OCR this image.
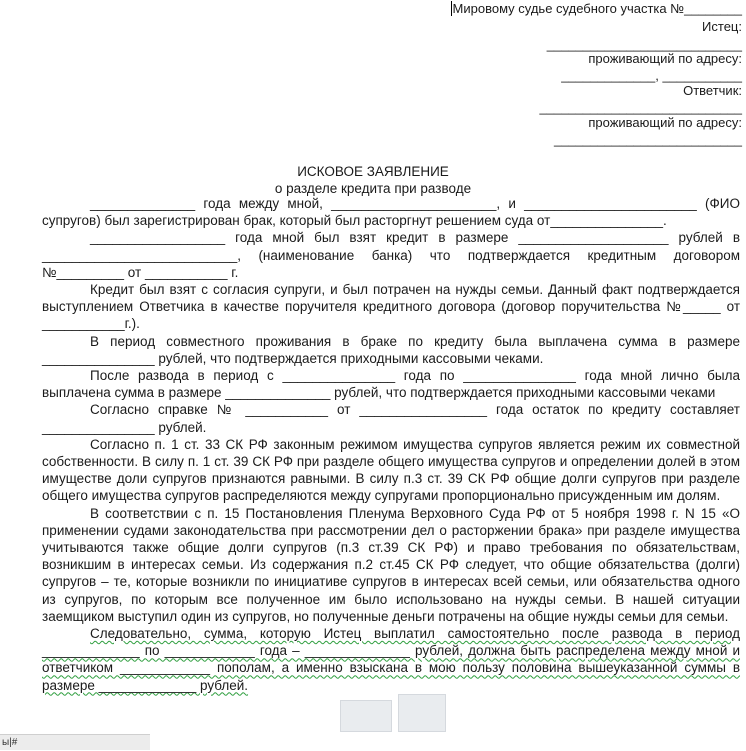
Мировому судье судебного участка №________
Истец:
___________________________
проживающий по адресу:
_____________, ___________
Ответчик:
____________________________
проживающий по адресу:
__________________________
ИСКОВОЕ ЗАЯВЛЕНИЕ
о разделе кредита при разводе

______________ года между мной, ______________________, и _______________________ (ФИО супругов) был зарегистрирован брак, который был расторгнут решением суда от_______________.

__________________ года мной был взят кредит в размере ____________________ рублей в __________________________, (наименование банка) что подтверждается кредитным договором №_________ от ___________ г.

Кредит был взят с согласия супруги, и был потрачен на нужды семьи. Данный факт подтверждается выступлением Ответчика в качестве поручителя кредитного договора (договор поручительства №_____ от ___________г.).

В период совместного проживания в браке по кредиту была выплачена сумма в размере _______________ рублей, что подтверждается приходными кассовыми чеками.

После развода в период с _______________ года по _______________ года мной лично была выплачена сумма в размере ______________ рублей, что подтверждается приходными кассовыми чеками

Согласно справке № ___________ от _________________ года остаток по кредиту составляет _______________ рублей.

Согласно п. 1 ст. 33 СК РФ законным режимом имущества супругов является режим их совместной собственности. В силу п. 1 ст. 39 СК РФ при разделе общего имущества супругов и определении долей в этом имуществе доли супругов признаются равными. В силу п.3 ст. 39 СК РФ общие долги супругов при разделе общего имущества супругов распределяются между супругами пропорционально присужденным им долям.

В соответствии с п. 15 Постановления Пленума Верховного Суда РФ от 5 ноября 1998 г. N 15 «О применении судами законодательства при рассмотрении дел о расторжении брака» при разделе имущества учитываются также общие долги супругов (п.3 ст.39 СК РФ) и право требования по обязательствам, возникшим в интересах семьи. Из содержания п.2 ст.45 СК РФ следует, что общие обязательства (долги) супругов – те, которые возникли по инициативе супругов в интересах всей семьи, или обязательства одного из супругов, по которым все полученное им было использовано на нужды семьи. В нашей ситуации заемщиком выступил один из супругов, но полученные деньги потрачены на общие нужды семьи для семьи.

Следовательно, сумма, которую Истец выплатил самостоятельно после развода в период _____________ по ____________ года – ______________ рублей, должна быть распределена между мной и ответчиком ____________ пополам, а именно взыскана в мою пользу половина вышеуказанной суммы в размере _____________ рублей.

ы|#
